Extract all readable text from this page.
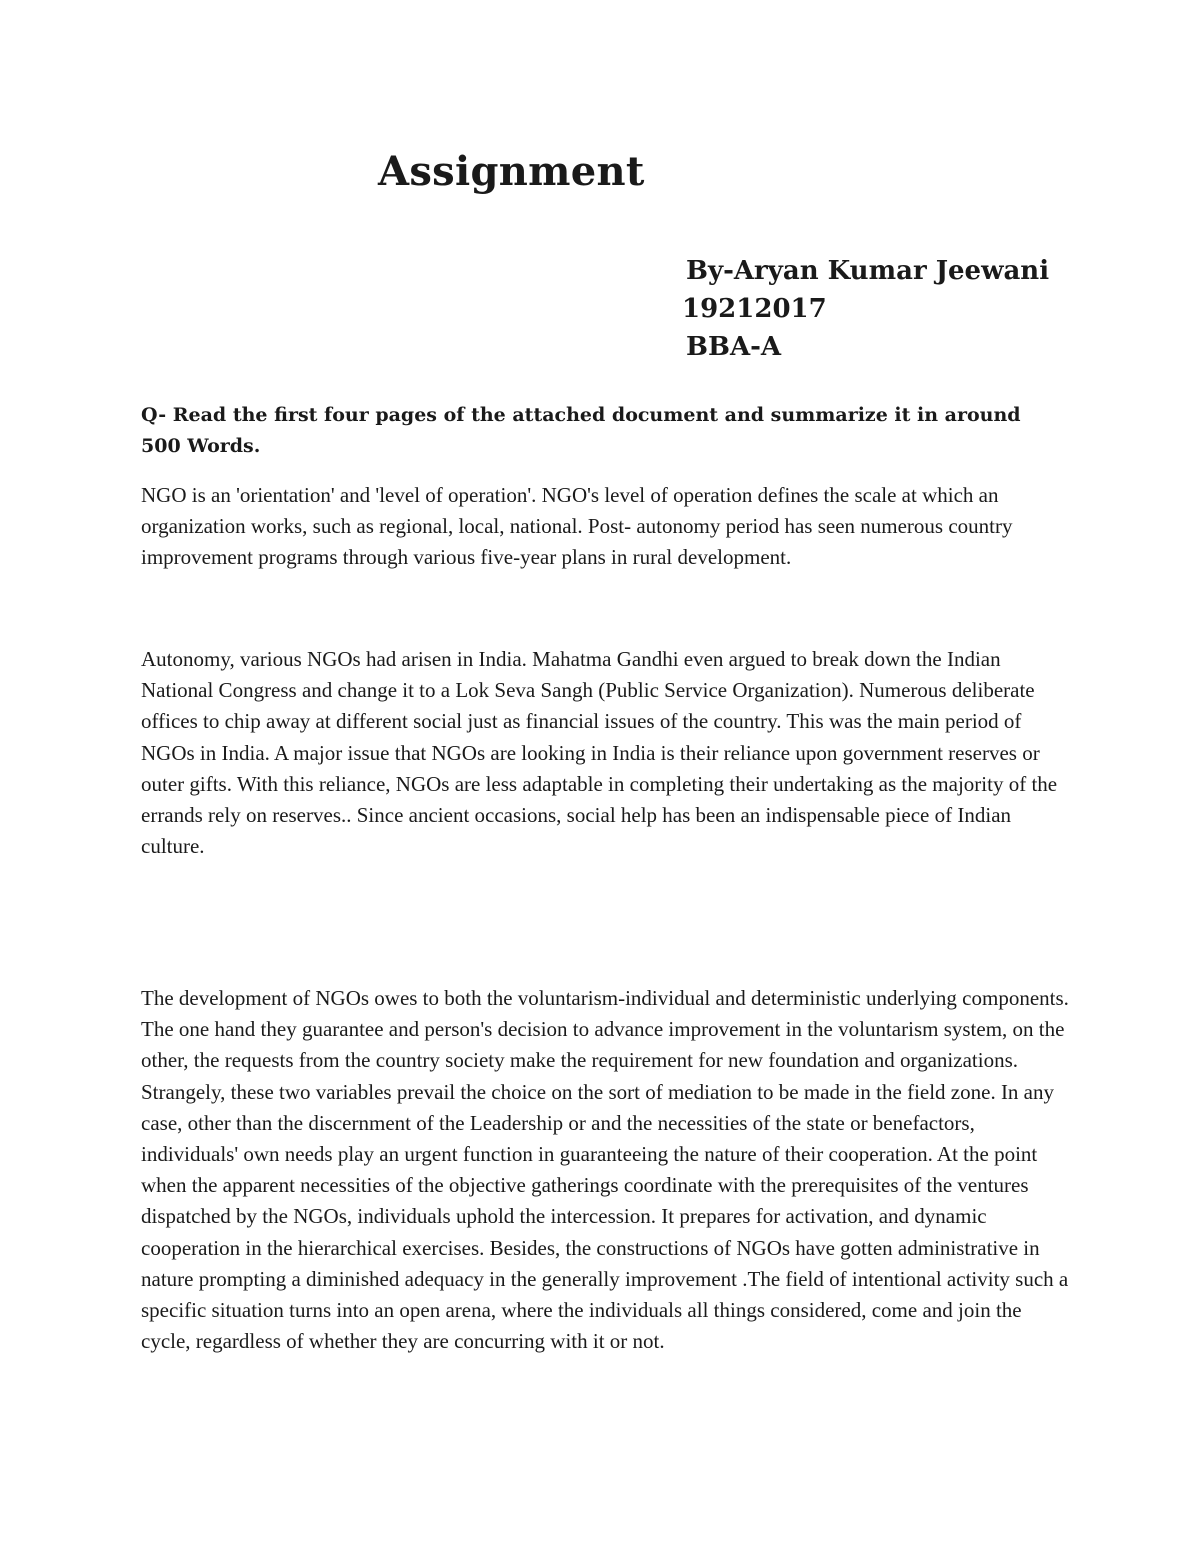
Assignment
By-Aryan Kumar Jeewani
19212017
BBA-A

Q- Read the first four pages of the attached document and summarize it in around 500 Words.

NGO is an 'orientation' and 'level of operation'. NGO's level of operation defines the scale at which an organization works, such as regional, local, national. Post- autonomy period has seen numerous country improvement programs through various five-year plans in rural development.

Autonomy, various NGOs had arisen in India. Mahatma Gandhi even argued to break down the Indian National Congress and change it to a Lok Seva Sangh (Public Service Organization). Numerous deliberate offices to chip away at different social just as financial issues of the country. This was the main period of NGOs in India. A major issue that NGOs are looking in India is their reliance upon government reserves or outer gifts. With this reliance, NGOs are less adaptable in completing their undertaking as the majority of the errands rely on reserves.. Since ancient occasions, social help has been an indispensable piece of Indian culture.

The development of NGOs owes to both the voluntarism-individual and deterministic underlying components. The one hand they guarantee and person's decision to advance improvement in the voluntarism system, on the other, the requests from the country society make the requirement for new foundation and organizations. Strangely, these two variables prevail the choice on the sort of mediation to be made in the field zone. In any case, other than the discernment of the Leadership or and the necessities of the state or benefactors, individuals' own needs play an urgent function in guaranteeing the nature of their cooperation. At the point when the apparent necessities of the objective gatherings coordinate with the prerequisites of the ventures dispatched by the NGOs, individuals uphold the intercession. It prepares for activation, and dynamic cooperation in the hierarchical exercises. Besides, the constructions of NGOs have gotten administrative in nature prompting a diminished adequacy in the generally improvement .The field of intentional activity such a specific situation turns into an open arena, where the individuals all things considered, come and join the cycle, regardless of whether they are concurring with it or not.
